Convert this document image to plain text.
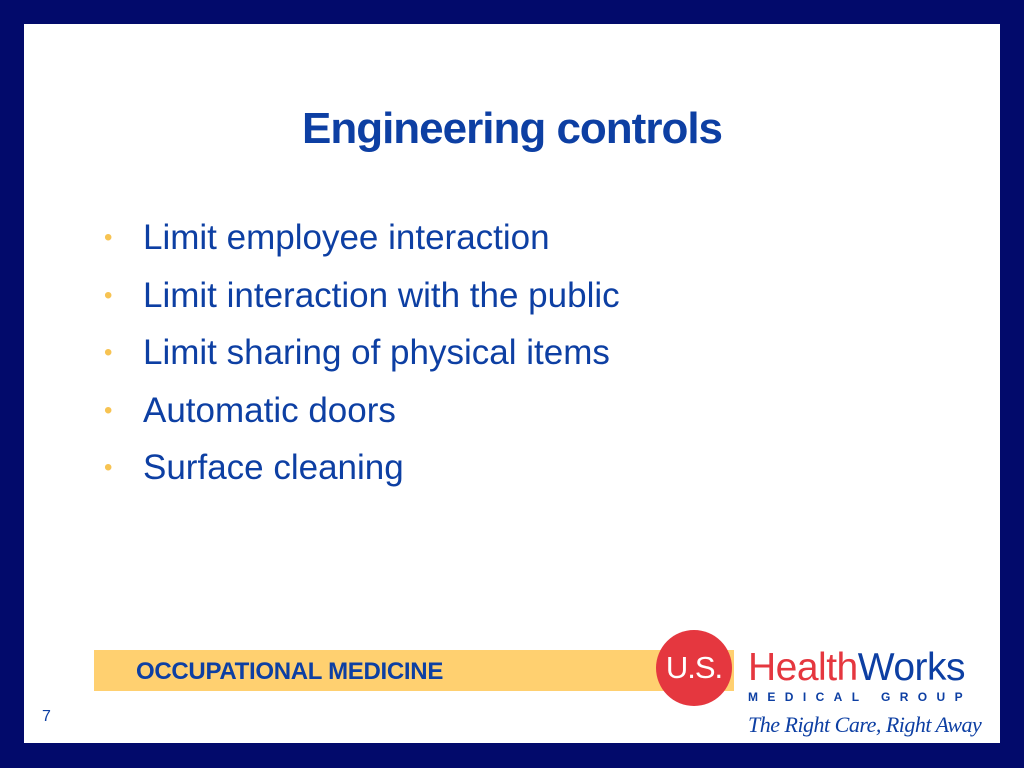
Engineering controls
• Limit employee interaction
• Limit interaction with the public
• Limit sharing of physical items
• Automatic doors
• Surface cleaning
OCCUPATIONAL MEDICINE	U.S. HealthWorks
MEDICAL GROUP
The Right Care, Right Away
7
